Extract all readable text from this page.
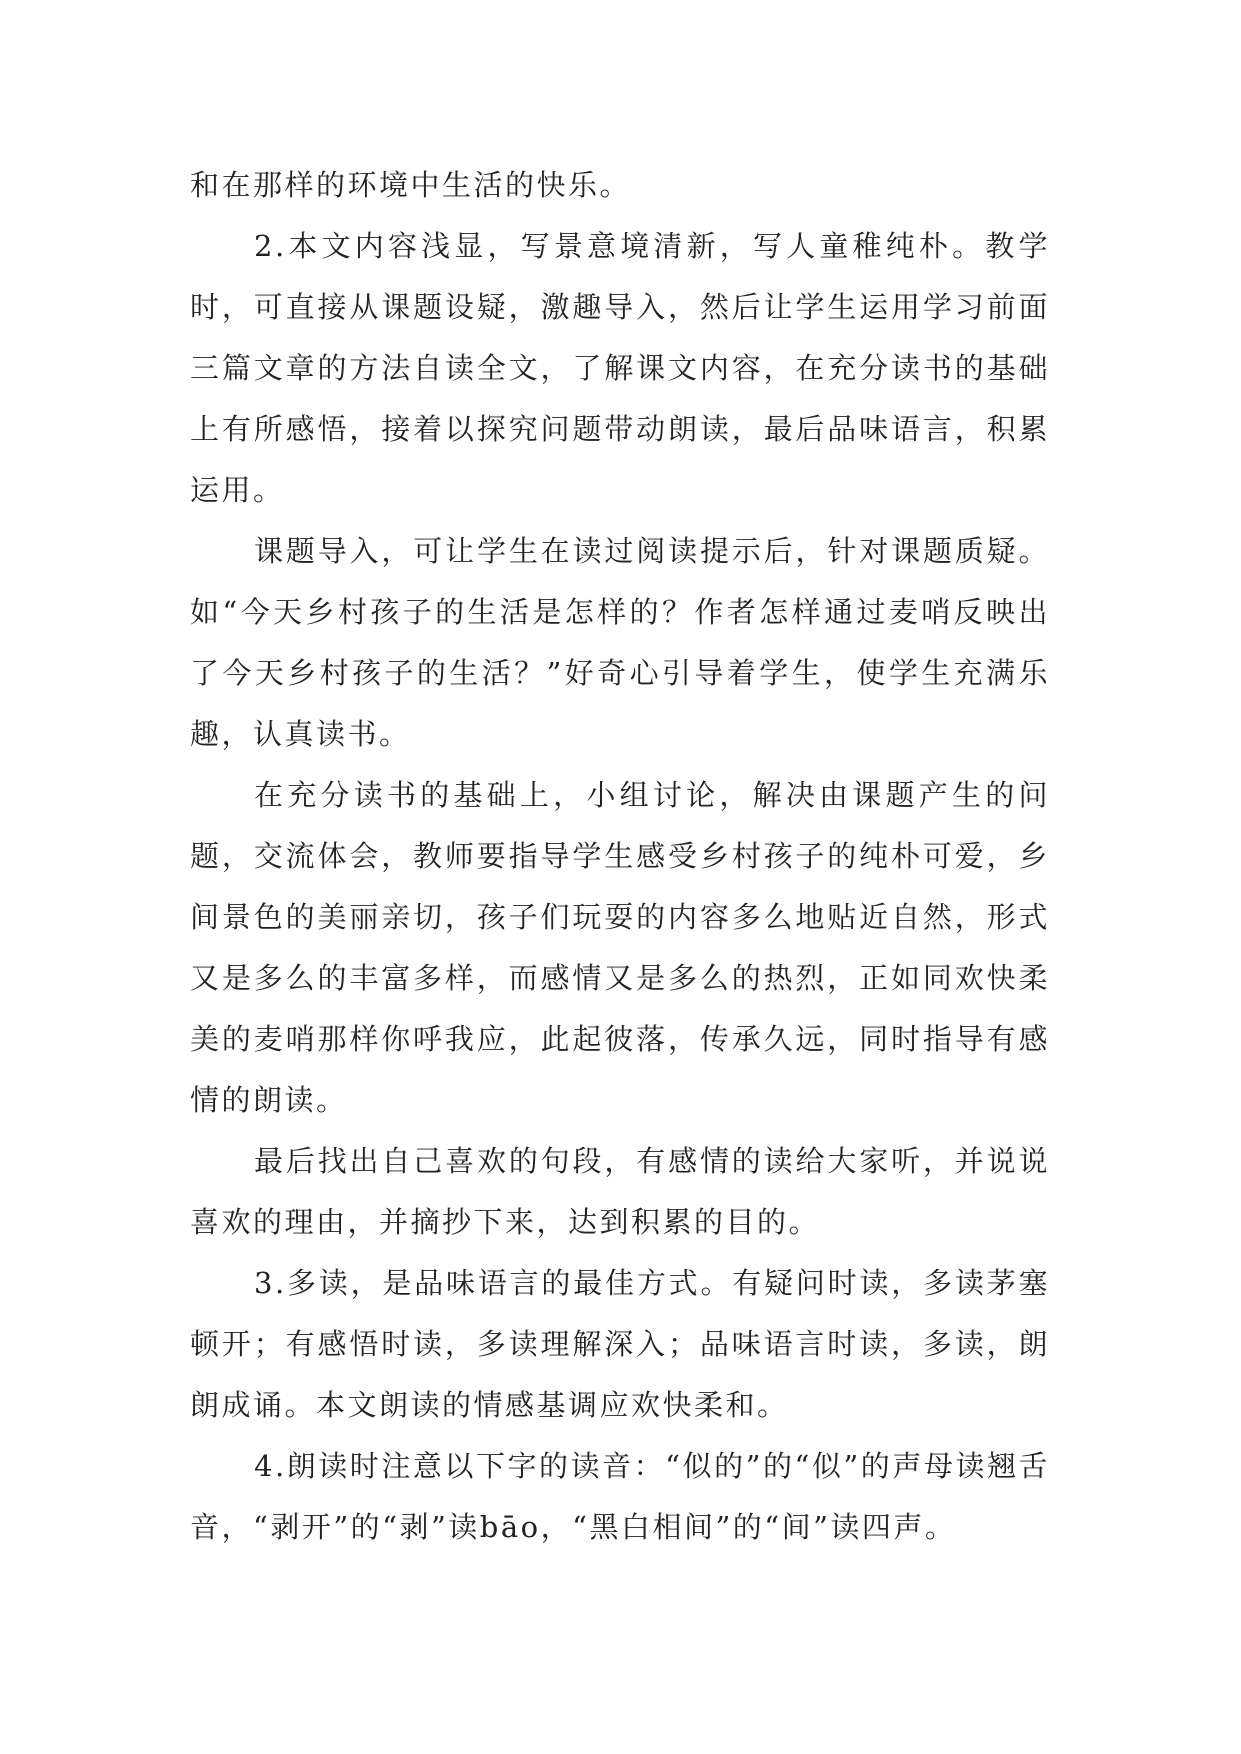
和在那样的环境中生活的快乐。

2.本文内容浅显，写景意境清新，写人童稚纯朴。教学时，可直接从课题设疑，激趣导入，然后让学生运用学习前面三篇文章的方法自读全文，了解课文内容，在充分读书的基础上有所感悟，接着以探究问题带动朗读，最后品味语言，积累运用。

课题导入，可让学生在读过阅读提示后，针对课题质疑。如“今天乡村孩子的生活是怎样的？作者怎样通过麦哨反映出了今天乡村孩子的生活？”好奇心引导着学生，使学生充满乐趣，认真读书。

在充分读书的基础上，小组讨论，解决由课题产生的问题，交流体会，教师要指导学生感受乡村孩子的纯朴可爱，乡间景色的美丽亲切，孩子们玩耍的内容多么地贴近自然，形式又是多么的丰富多样，而感情又是多么的热烈，正如同欢快柔美的麦哨那样你呼我应，此起彼落，传承久远，同时指导有感情的朗读。

最后找出自己喜欢的句段，有感情的读给大家听，并说说喜欢的理由，并摘抄下来，达到积累的目的。

3.多读，是品味语言的最佳方式。有疑问时读，多读茅塞顿开；有感悟时读，多读理解深入；品味语言时读，多读，朗朗成诵。本文朗读的情感基调应欢快柔和。

4.朗读时注意以下字的读音：“似的”的“似”的声母读翘舌音，“剥开”的“剥”读bāo，“黑白相间”的“间”读四声。
